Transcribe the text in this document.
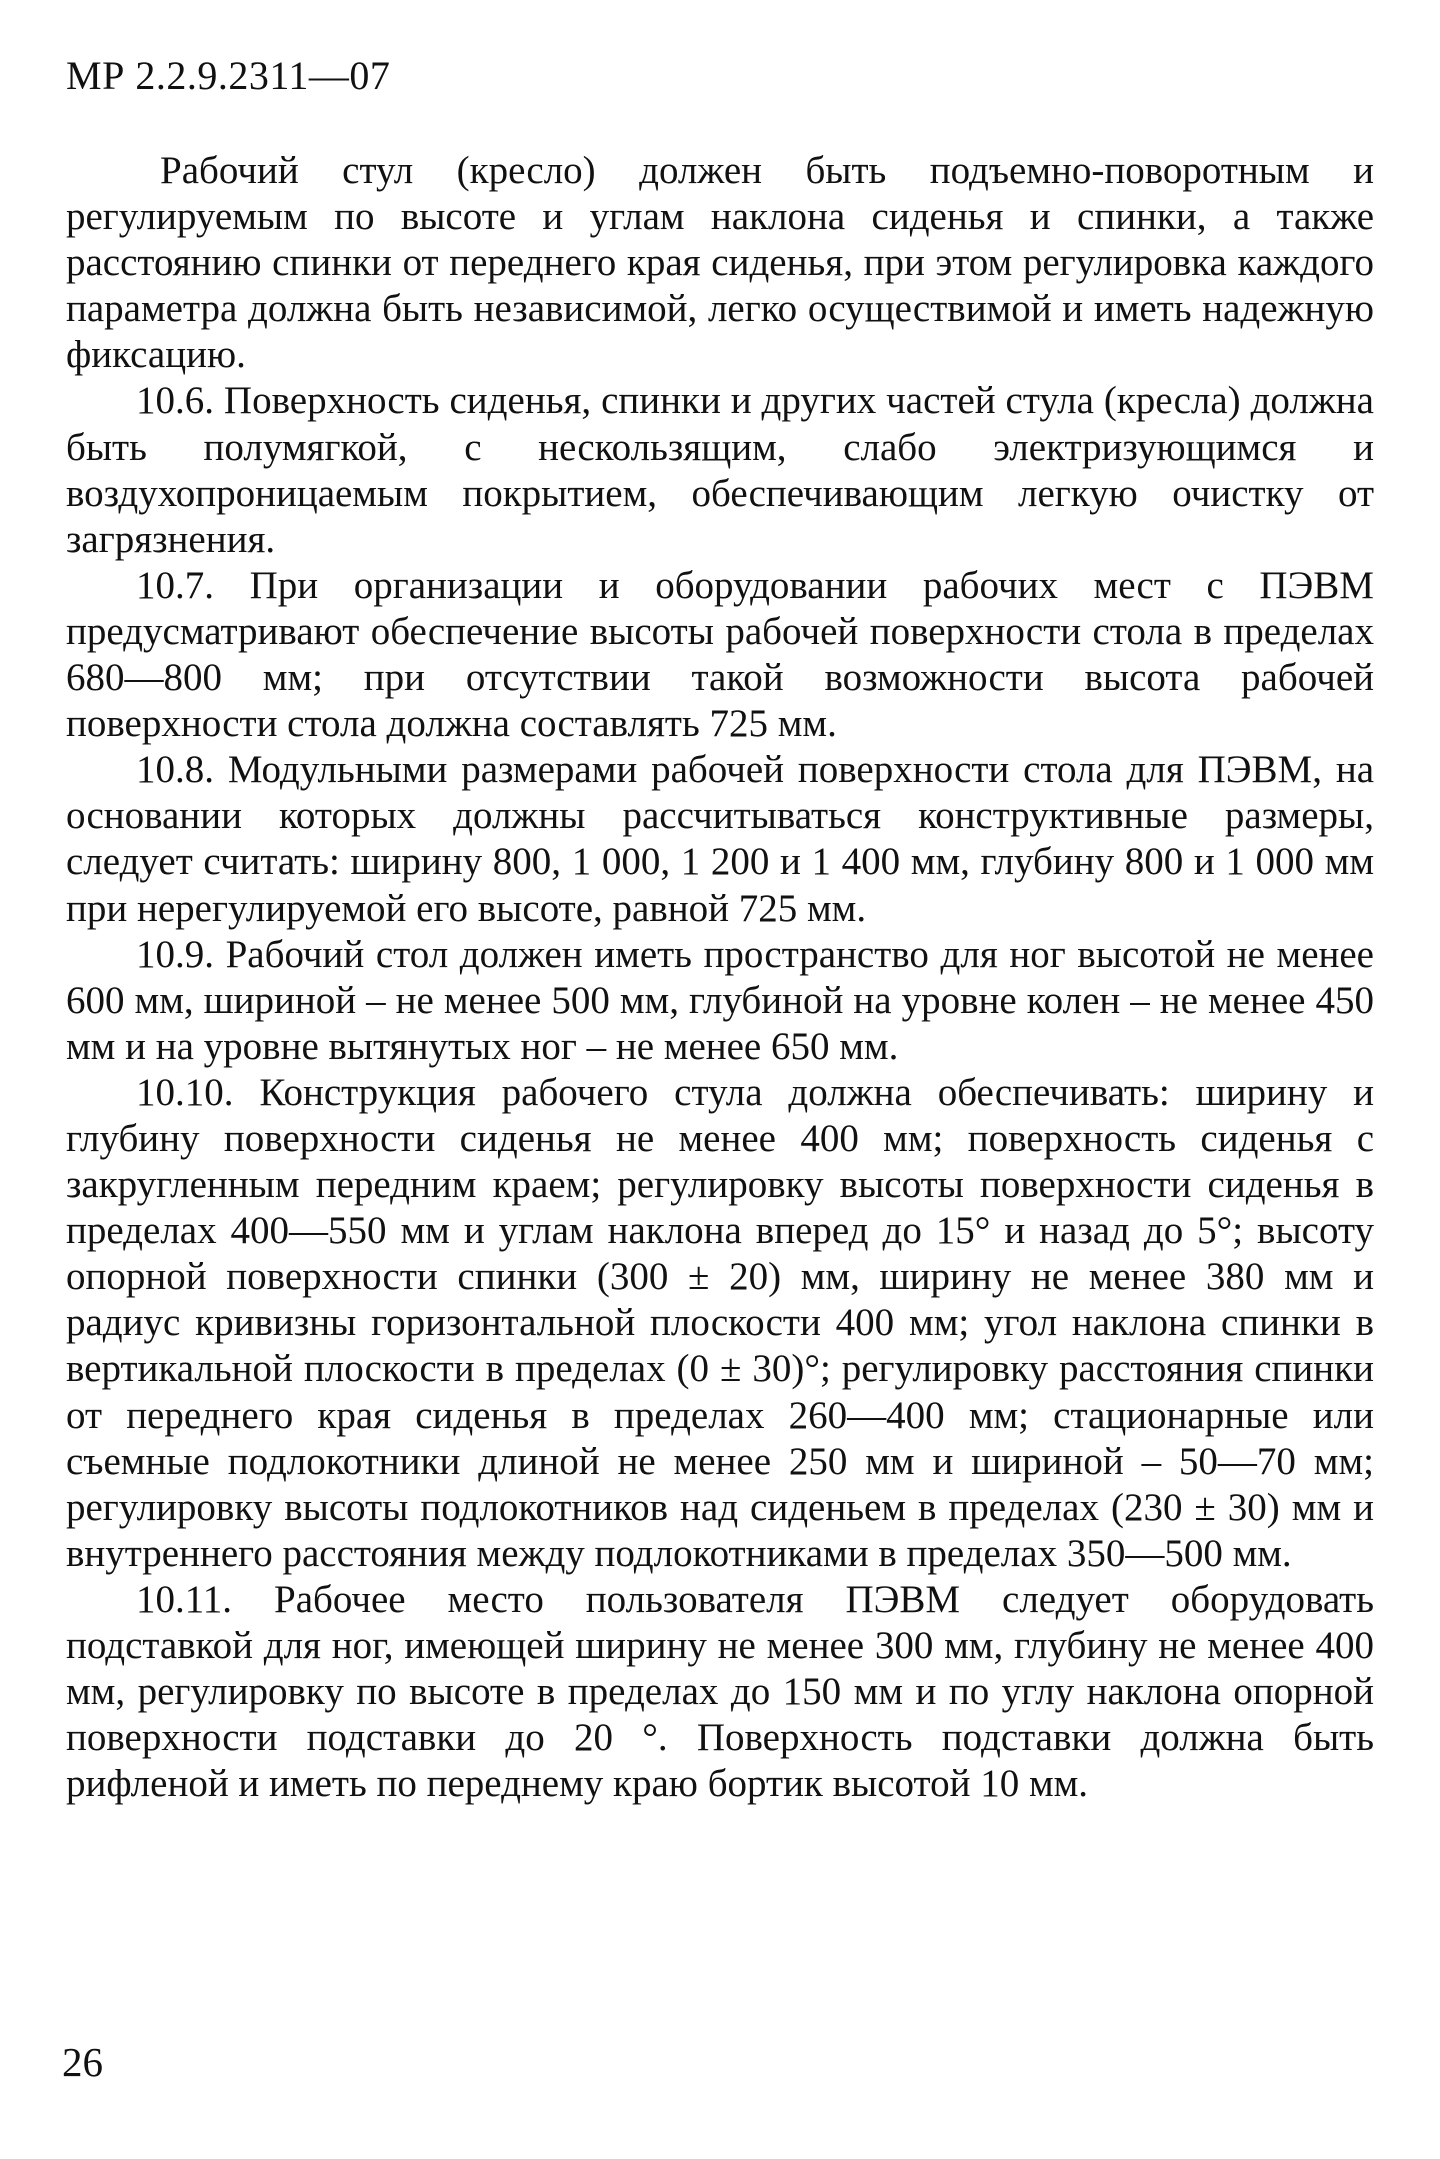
МР 2.2.9.2311—07

Рабочий стул (кресло) должен быть подъемно-поворотным и регулируемым по высоте и углам наклона сиденья и спинки, а также расстоянию спинки от переднего края сиденья, при этом регулировка каждого параметра должна быть независимой, легко осуществимой и иметь надежную фиксацию.

10.6. Поверхность сиденья, спинки и других частей стула (кресла) должна быть полумягкой, с нескользящим, слабо электризующимся и воздухопроницаемым покрытием, обеспечивающим легкую очистку от загрязнения.

10.7. При организации и оборудовании рабочих мест с ПЭВМ предусматривают обеспечение высоты рабочей поверхности стола в пределах 680—800 мм; при отсутствии такой возможности высота рабочей поверхности стола должна составлять 725 мм.

10.8. Модульными размерами рабочей поверхности стола для ПЭВМ, на основании которых должны рассчитываться конструктивные размеры, следует считать: ширину 800, 1 000, 1 200 и 1 400 мм, глубину 800 и 1 000 мм при нерегулируемой его высоте, равной 725 мм.

10.9. Рабочий стол должен иметь пространство для ног высотой не менее 600 мм, шириной – не менее 500 мм, глубиной на уровне колен – не менее 450 мм и на уровне вытянутых ног – не менее 650 мм.

10.10. Конструкция рабочего стула должна обеспечивать: ширину и глубину поверхности сиденья не менее 400 мм; поверхность сиденья с закругленным передним краем; регулировку высоты поверхности сиденья в пределах 400—550 мм и углам наклона вперед до 15° и назад до 5°; высоту опорной поверхности спинки (300 ± 20) мм, ширину не менее 380 мм и радиус кривизны горизонтальной плоскости 400 мм; угол наклона спинки в вертикальной плоскости в пределах (0 ± 30)°; регулировку расстояния спинки от переднего края сиденья в пределах 260—400 мм; стационарные или съемные подлокотники длиной не менее 250 мм и шириной – 50—70 мм; регулировку высоты подлокотников над сиденьем в пределах (230 ± 30) мм и внутреннего расстояния между подлокотниками в пределах 350—500 мм.

10.11. Рабочее место пользователя ПЭВМ следует оборудовать подставкой для ног, имеющей ширину не менее 300 мм, глубину не менее 400 мм, регулировку по высоте в пределах до 150 мм и по углу наклона опорной поверхности подставки до 20 °. Поверхность подставки должна быть рифленой и иметь по переднему краю бортик высотой 10 мм.

26
